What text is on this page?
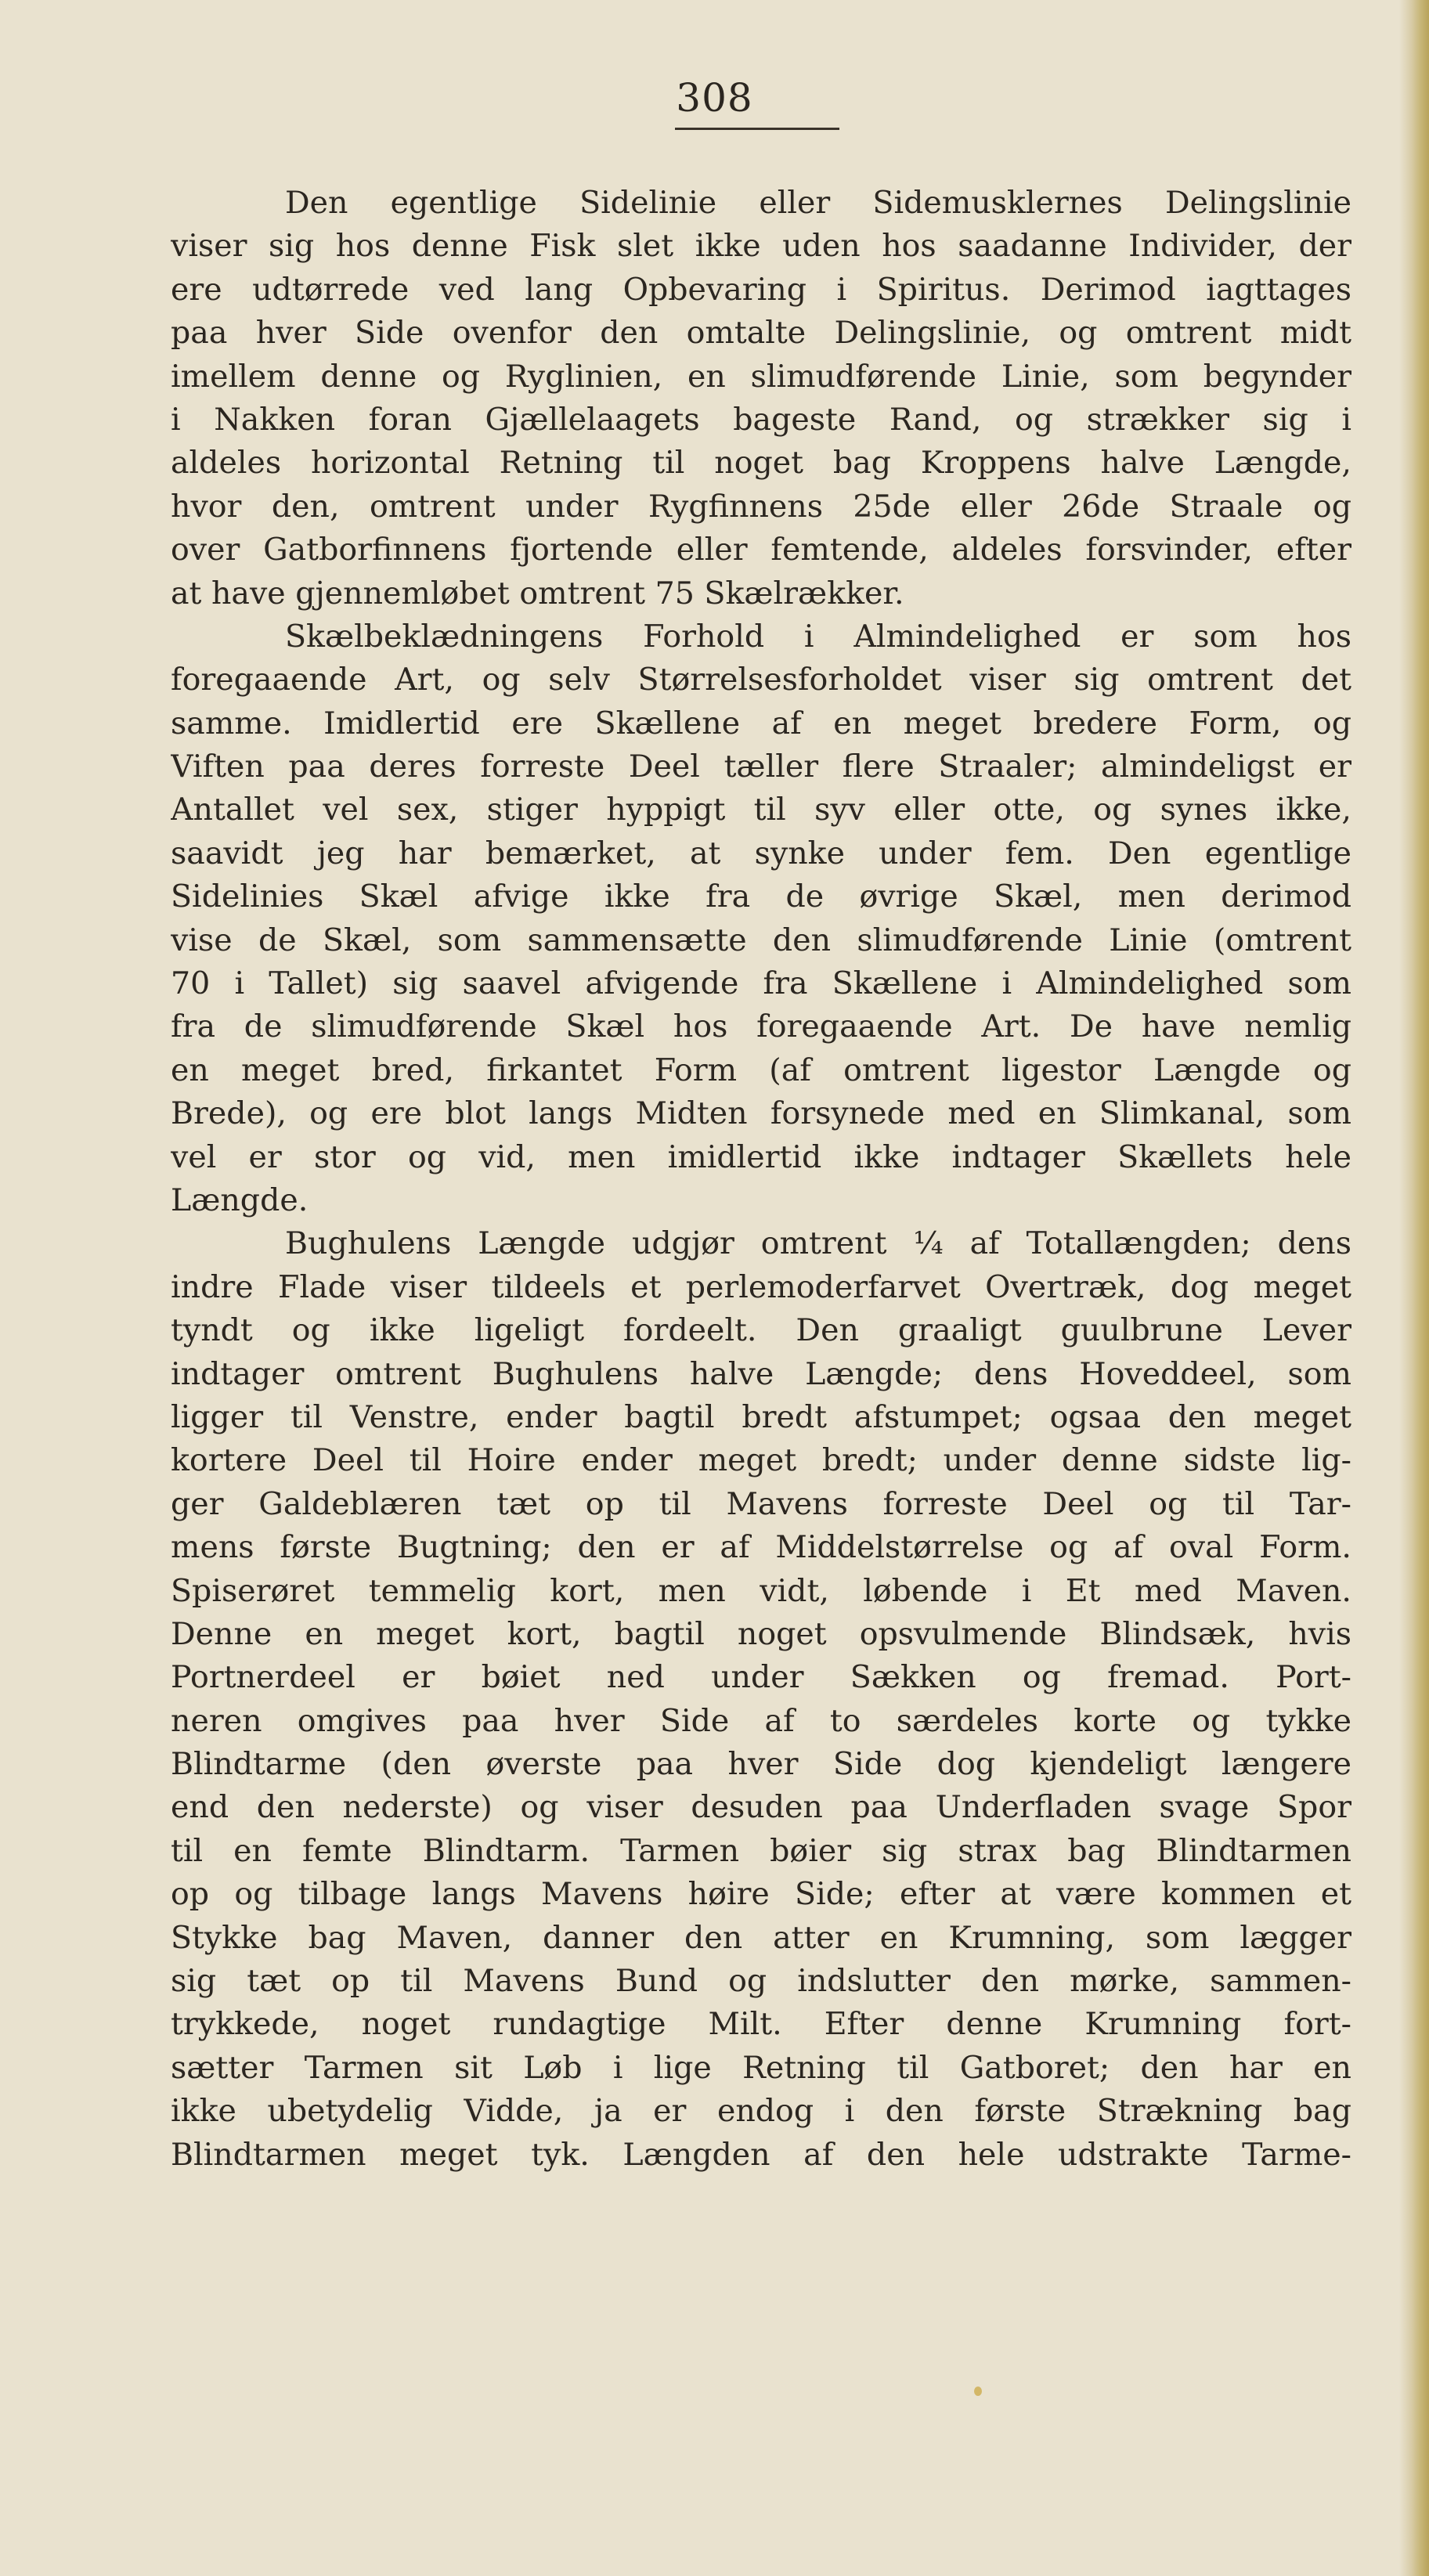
308
Den egentlige Sidelinie eller Sidemusklernes Delingslinie
viser sig hos denne Fisk slet ikke uden hos saadanne Individer, der
ere udtørrede ved lang Opbevaring i Spiritus. Derimod iagttages
paa hver Side ovenfor den omtalte Delingslinie, og omtrent midt
imellem denne og Ryglinien, en slimudførende Linie, som begynder
i Nakken foran Gjællelaagets bageste Rand, og strækker sig i
aldeles horizontal Retning til noget bag Kroppens halve Længde,
hvor den, omtrent under Rygfinnens 25de eller 26de Straale og
over Gatborfinnens fjortende eller femtende, aldeles forsvinder, efter
at have gjennemløbet omtrent 75 Skælrækker.
Skælbeklædningens Forhold i Almindelighed er som hos
foregaaende Art, og selv Størrelsesforholdet viser sig omtrent det
samme. Imidlertid ere Skællene af en meget bredere Form, og
Viften paa deres forreste Deel tæller flere Straaler; almindeligst er
Antallet vel sex, stiger hyppigt til syv eller otte, og synes ikke,
saavidt jeg har bemærket, at synke under fem. Den egentlige
Sidelinies Skæl afvige ikke fra de øvrige Skæl, men derimod
vise de Skæl, som sammensætte den slimudførende Linie (omtrent
70 i Tallet) sig saavel afvigende fra Skællene i Almindelighed som
fra de slimudførende Skæl hos foregaaende Art. De have nemlig
en meget bred, firkantet Form (af omtrent ligestor Længde og
Brede), og ere blot langs Midten forsynede med en Slimkanal, som
vel er stor og vid, men imidlertid ikke indtager Skællets hele
Længde.
Bughulens Længde udgjør omtrent ¼ af Totallængden; dens
indre Flade viser tildeels et perlemoderfarvet Overtræk, dog meget
tyndt og ikke ligeligt fordeelt. Den graaligt guulbrune Lever
indtager omtrent Bughulens halve Længde; dens Hoveddeel, som
ligger til Venstre, ender bagtil bredt afstumpet; ogsaa den meget
kortere Deel til Hoire ender meget bredt; under denne sidste lig-
ger Galdeblæren tæt op til Mavens forreste Deel og til Tar-
mens første Bugtning; den er af Middelstørrelse og af oval Form.
Spiserøret temmelig kort, men vidt, løbende i Et med Maven.
Denne en meget kort, bagtil noget opsvulmende Blindsæk, hvis
Portnerdeel er bøiet ned under Sækken og fremad. Port-
neren omgives paa hver Side af to særdeles korte og tykke
Blindtarme (den øverste paa hver Side dog kjendeligt længere
end den nederste) og viser desuden paa Underfladen svage Spor
til en femte Blindtarm. Tarmen bøier sig strax bag Blindtarmen
op og tilbage langs Mavens høire Side; efter at være kommen et
Stykke bag Maven, danner den atter en Krumning, som lægger
sig tæt op til Mavens Bund og indslutter den mørke, sammen-
trykkede, noget rundagtige Milt. Efter denne Krumning fort-
sætter Tarmen sit Løb i lige Retning til Gatboret; den har en
ikke ubetydelig Vidde, ja er endog i den første Strækning bag
Blindtarmen meget tyk. Længden af den hele udstrakte Tarme-
